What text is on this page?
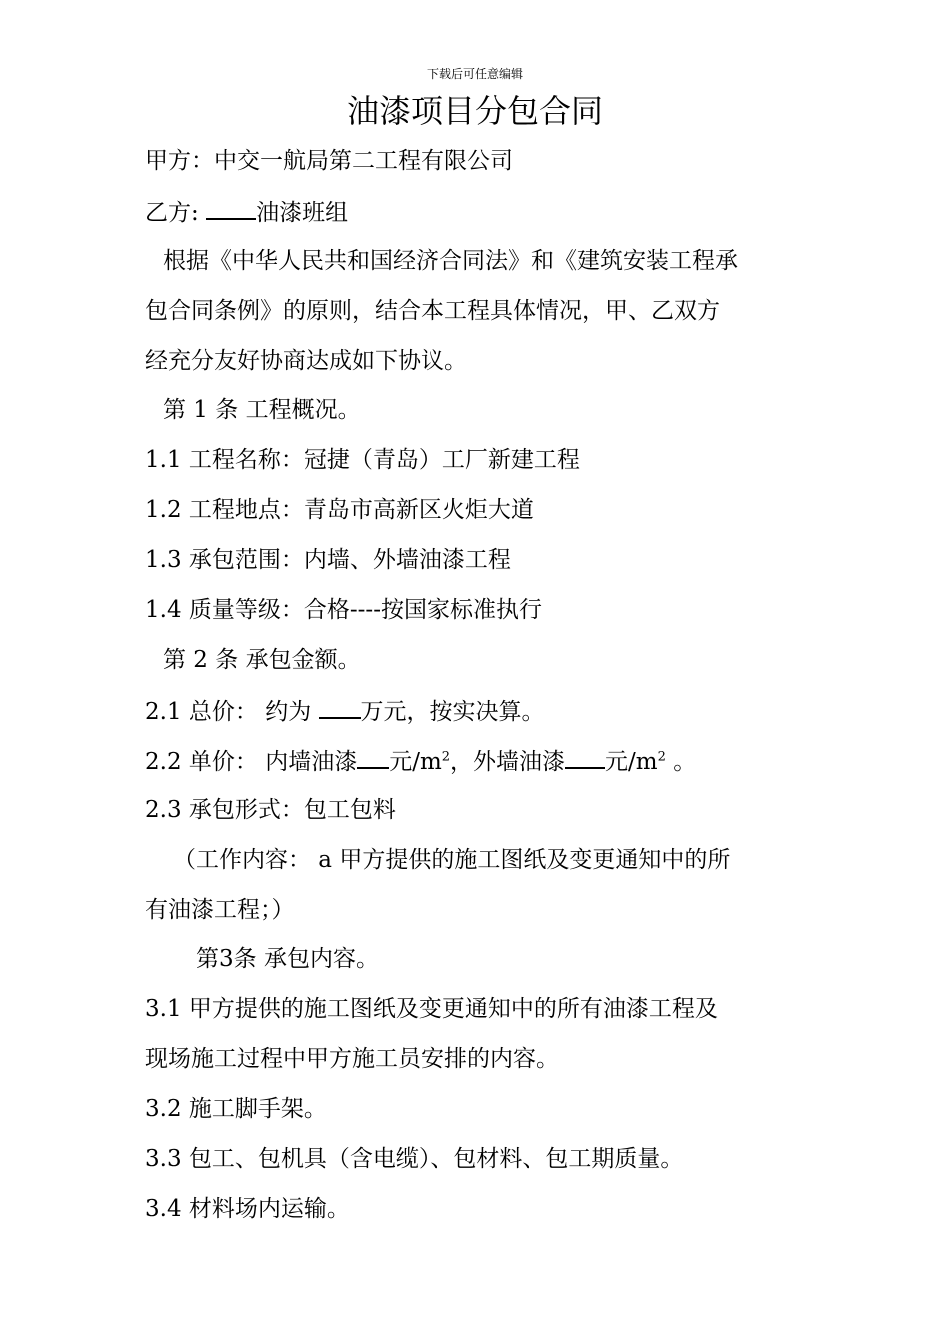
下载后可任意编辑
油漆项目分包合同
甲方：中交一航局第二工程有限公司
乙方: 油漆班组
根据《中华人民共和国经济合同法》和《建筑安装工程承
包合同条例》的原则，结合本工程具体情况，甲、乙双方
经充分友好协商达成如下协议。
第 1 条 工程概况。
1.1 工程名称：冠捷（青岛）工厂新建工程
1.2 工程地点：青岛市高新区火炬大道
1.3 承包范围：内墙、外墙油漆工程
1.4 质量等级：合格----按国家标准执行
第 2 条 承包金额。
2.1 总价： 约为 万元，按实决算。
2.2 单价： 内墙油漆 元$/m^2$，外墙油漆 元$/m^2$ 。
2.3 承包形式：包工包料
（工作内容： a 甲方提供的施工图纸及变更通知中的所
有油漆工程；）
第3条 承包内容。
3.1 甲方提供的施工图纸及变更通知中的所有油漆工程及
现场施工过程中甲方施工员安排的内容。
3.2 施工脚手架。
3.3 包工、包机具（含电缆）、包材料、包工期质量。
3.4 材料场内运输。
